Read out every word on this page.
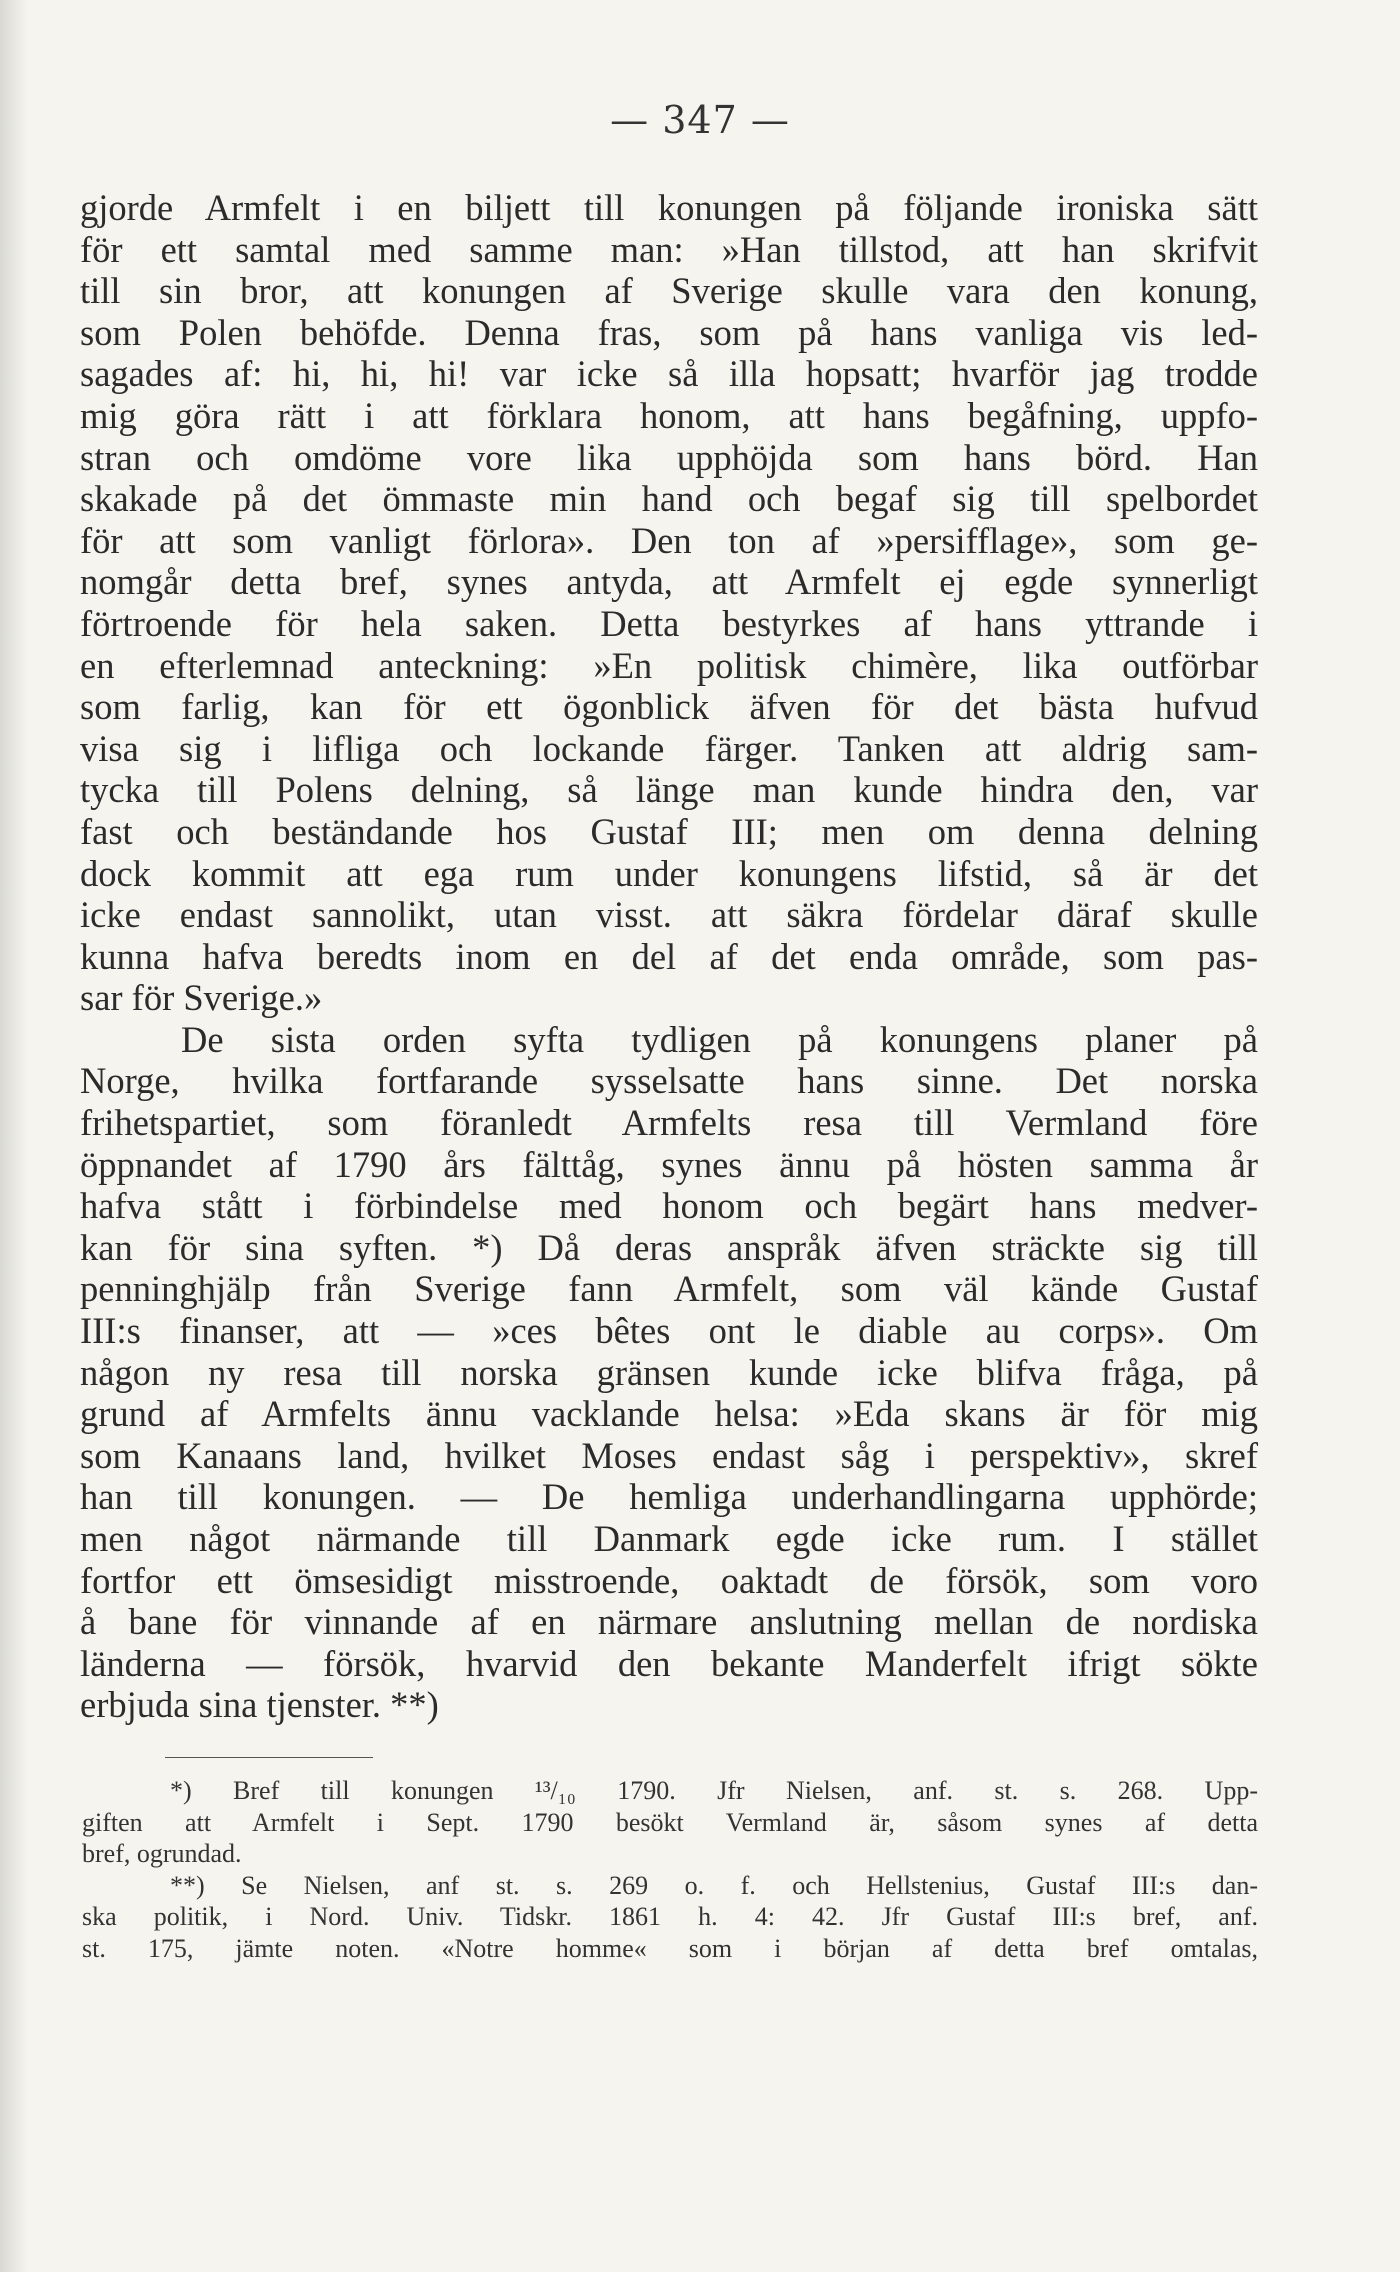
— 347 —
gjorde Armfelt i en biljett till konungen på följande ironiska sätt
för ett samtal med samme man: »Han tillstod, att han skrifvit
till sin bror, att konungen af Sverige skulle vara den konung,
som Polen behöfde. Denna fras, som på hans vanliga vis led-
sagades af: hi, hi, hi! var icke så illa hopsatt; hvarför jag trodde
mig göra rätt i att förklara honom, att hans begåfning, uppfo-
stran och omdöme vore lika upphöjda som hans börd. Han
skakade på det ömmaste min hand och begaf sig till spelbordet
för att som vanligt förlora». Den ton af »persifflage», som ge-
nomgår detta bref, synes antyda, att Armfelt ej egde synnerligt
förtroende för hela saken. Detta bestyrkes af hans yttrande i
en efterlemnad anteckning: »En politisk chimère, lika outförbar
som farlig, kan för ett ögonblick äfven för det bästa hufvud
visa sig i lifliga och lockande färger. Tanken att aldrig sam-
tycka till Polens delning, så länge man kunde hindra den, var
fast och beständande hos Gustaf III; men om denna delning
dock kommit att ega rum under konungens lifstid, så är det
icke endast sannolikt, utan visst. att säkra fördelar däraf skulle
kunna hafva beredts inom en del af det enda område, som pas-
sar för Sverige.»
De sista orden syfta tydligen på konungens planer på
Norge, hvilka fortfarande sysselsatte hans sinne. Det norska
frihetspartiet, som föranledt Armfelts resa till Vermland före
öppnandet af 1790 års fälttåg, synes ännu på hösten samma år
hafva stått i förbindelse med honom och begärt hans medver-
kan för sina syften. *) Då deras anspråk äfven sträckte sig till
penninghjälp från Sverige fann Armfelt, som väl kände Gustaf
III:s finanser, att — »ces bêtes ont le diable au corps». Om
någon ny resa till norska gränsen kunde icke blifva fråga, på
grund af Armfelts ännu vacklande helsa: »Eda skans är för mig
som Kanaans land, hvilket Moses endast såg i perspektiv», skref
han till konungen. — De hemliga underhandlingarna upphörde;
men något närmande till Danmark egde icke rum. I stället
fortfor ett ömsesidigt misstroende, oaktadt de försök, som voro
å bane för vinnande af en närmare anslutning mellan de nordiska
länderna — försök, hvarvid den bekante Manderfelt ifrigt sökte
erbjuda sina tjenster. **)
*) Bref till konungen ¹³/₁₀ 1790. Jfr Nielsen, anf. st. s. 268. Upp-
giften att Armfelt i Sept. 1790 besökt Vermland är, såsom synes af detta
bref, ogrundad.
**) Se Nielsen, anf st. s. 269 o. f. och Hellstenius, Gustaf III:s dan-
ska politik, i Nord. Univ. Tidskr. 1861 h. 4: 42. Jfr Gustaf III:s bref, anf.
st. 175, jämte noten. «Notre homme« som i början af detta bref omtalas,
